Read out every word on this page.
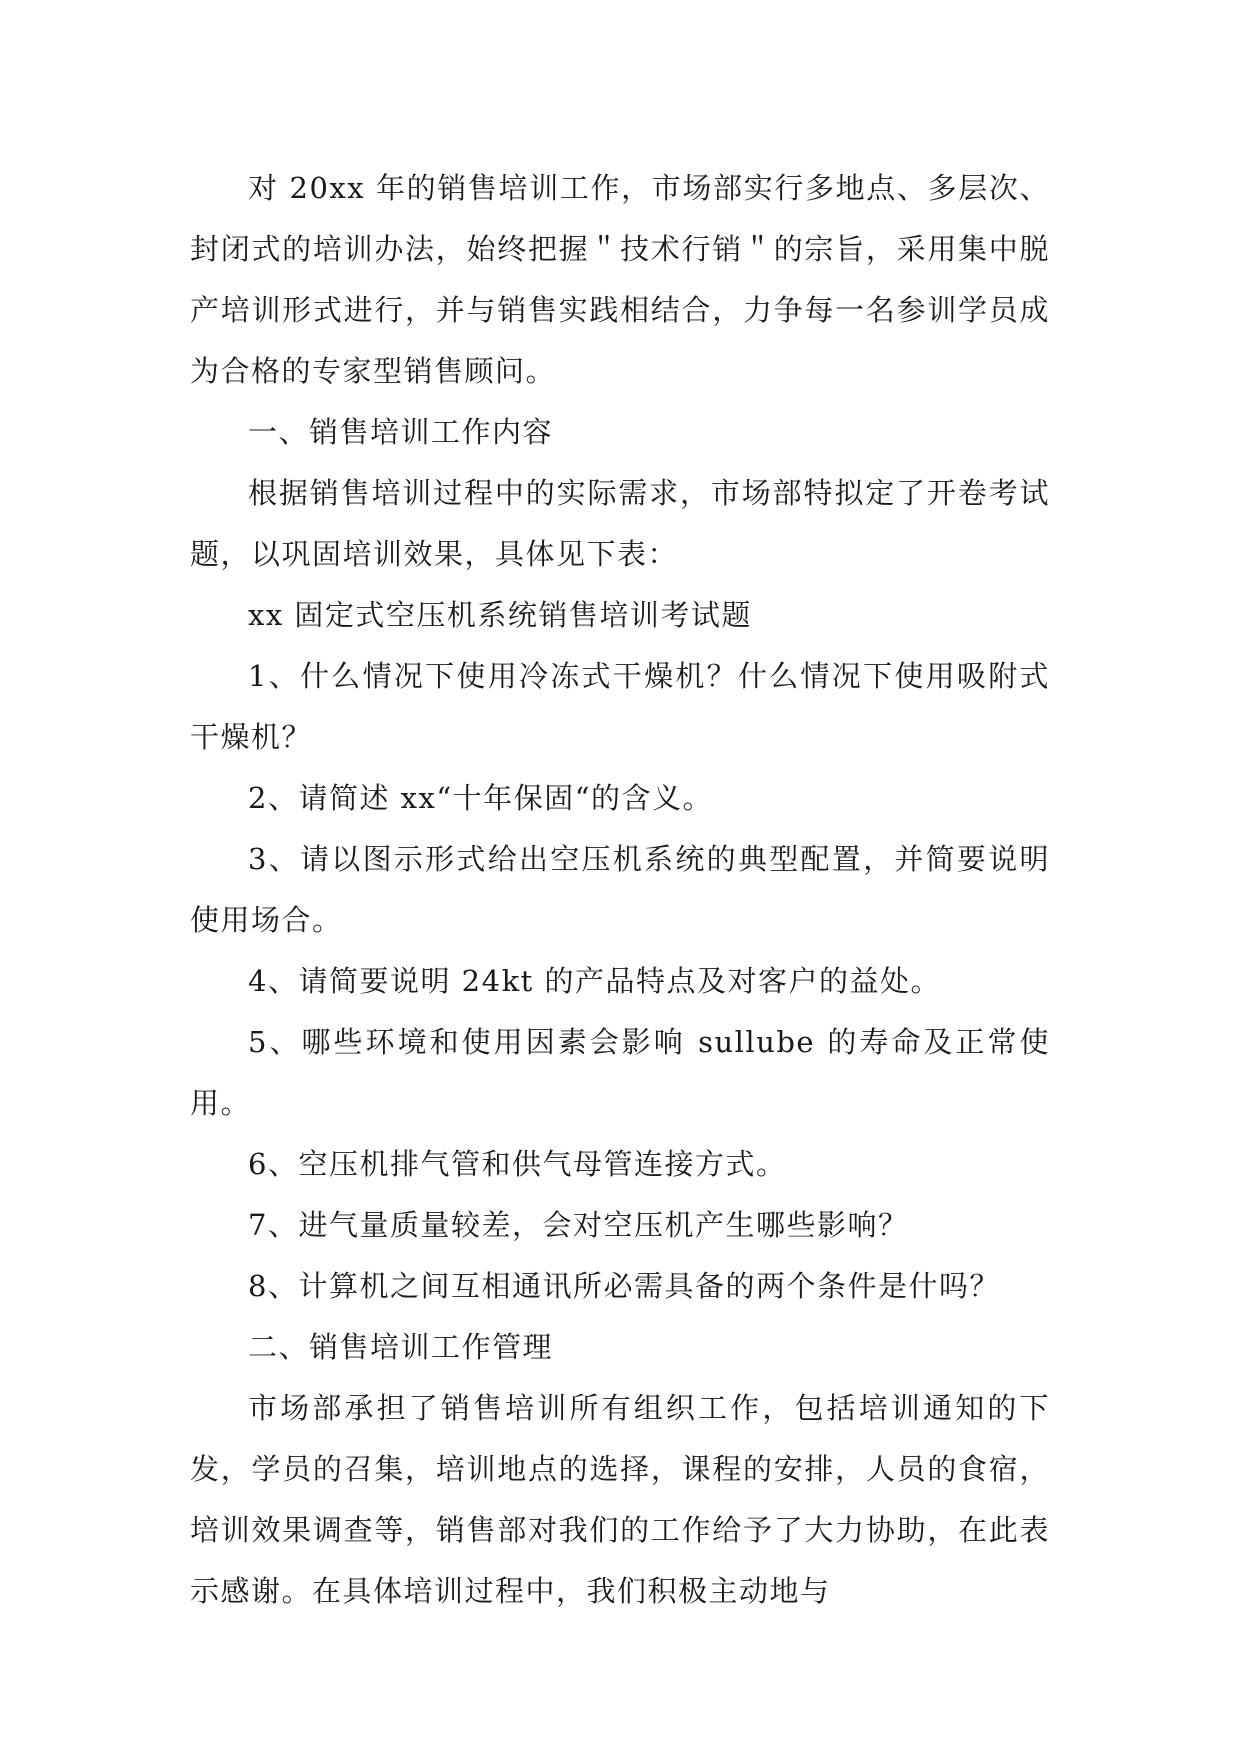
对 20xx 年的销售培训工作，市场部实行多地点、多层次、封闭式的培训办法，始终把握＂技术行销＂的宗旨，采用集中脱产培训形式进行，并与销售实践相结合，力争每一名参训学员成为合格的专家型销售顾问。

一、销售培训工作内容

根据销售培训过程中的实际需求，市场部特拟定了开卷考试题，以巩固培训效果，具体见下表：

xx 固定式空压机系统销售培训考试题

1、什么情况下使用冷冻式干燥机？什么情况下使用吸附式干燥机？

2、请简述 xx“十年保固“的含义。

3、请以图示形式给出空压机系统的典型配置，并简要说明使用场合。

4、请简要说明 24kt 的产品特点及对客户的益处。

5、哪些环境和使用因素会影响 sullube 的寿命及正常使用。

6、空压机排气管和供气母管连接方式。

7、进气量质量较差，会对空压机产生哪些影响？

8、计算机之间互相通讯所必需具备的两个条件是什吗？

二、销售培训工作管理

市场部承担了销售培训所有组织工作，包括培训通知的下发，学员的召集，培训地点的选择，课程的安排，人员的食宿，培训效果调查等，销售部对我们的工作给予了大力协助，在此表示感谢。在具体培训过程中，我们积极主动地与
